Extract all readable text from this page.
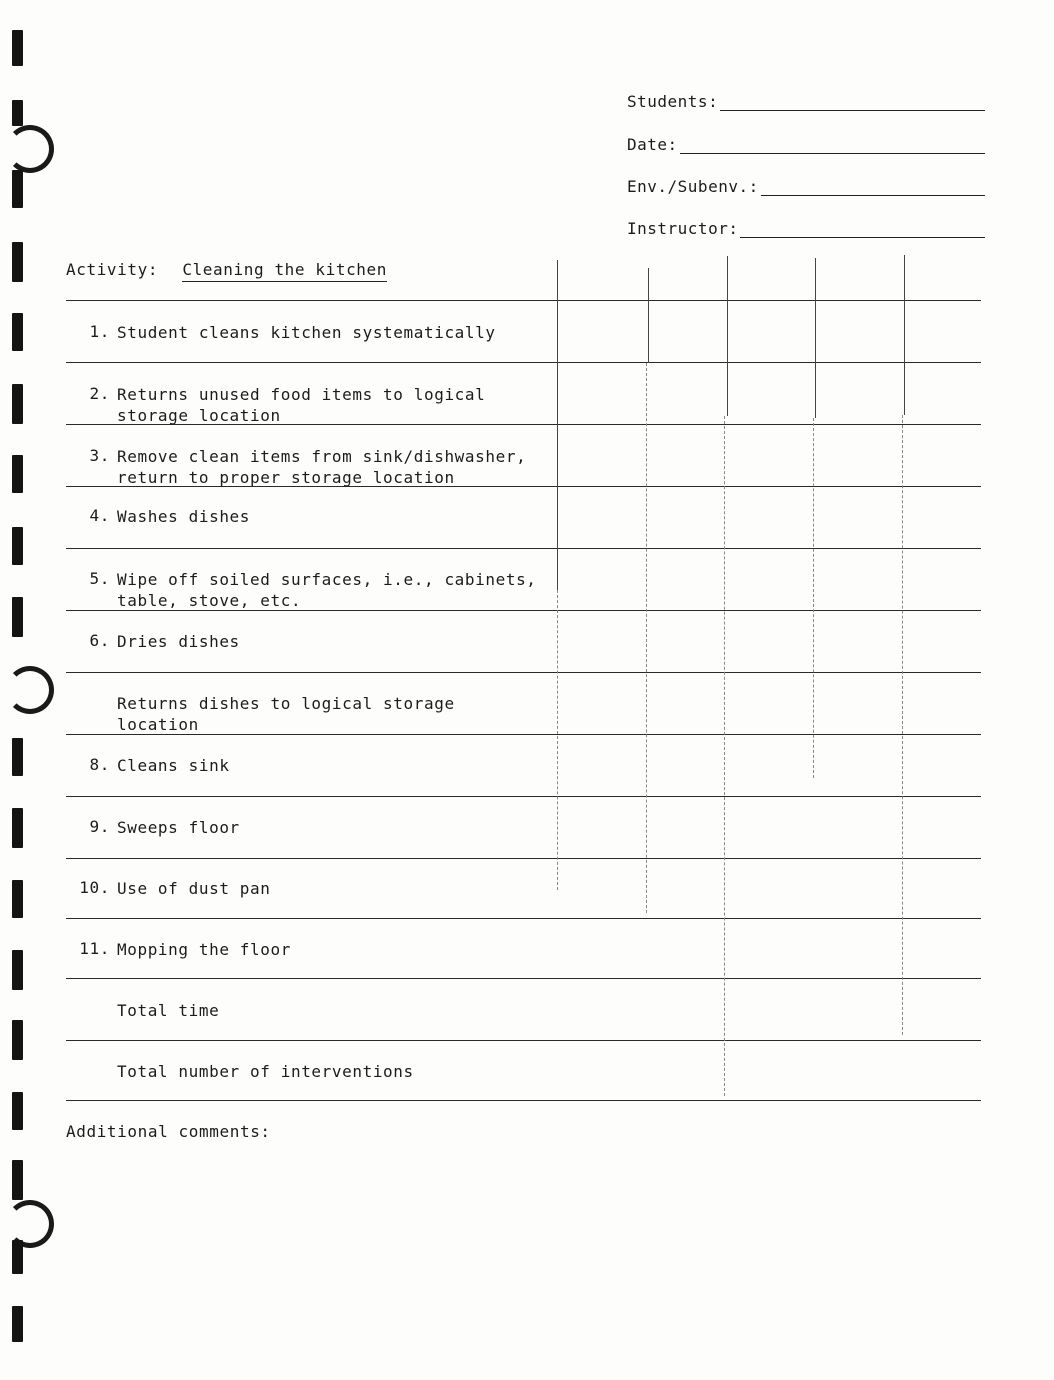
Students:
Date:
Env./Subenv.:
Instructor:
Activity: Cleaning the kitchen
1. Student cleans kitchen systematically
2. Returns unused food items to logical
storage location
3. Remove clean items from sink/dishwasher,
return to proper storage location
4. Washes dishes
5. Wipe off soiled surfaces, i.e., cabinets,
table, stove, etc.
6. Dries dishes
Returns dishes to logical storage
location
8. Cleans sink
9. Sweeps floor
10. Use of dust pan
11. Mopping the floor
Total time
Total number of interventions
Additional comments:
